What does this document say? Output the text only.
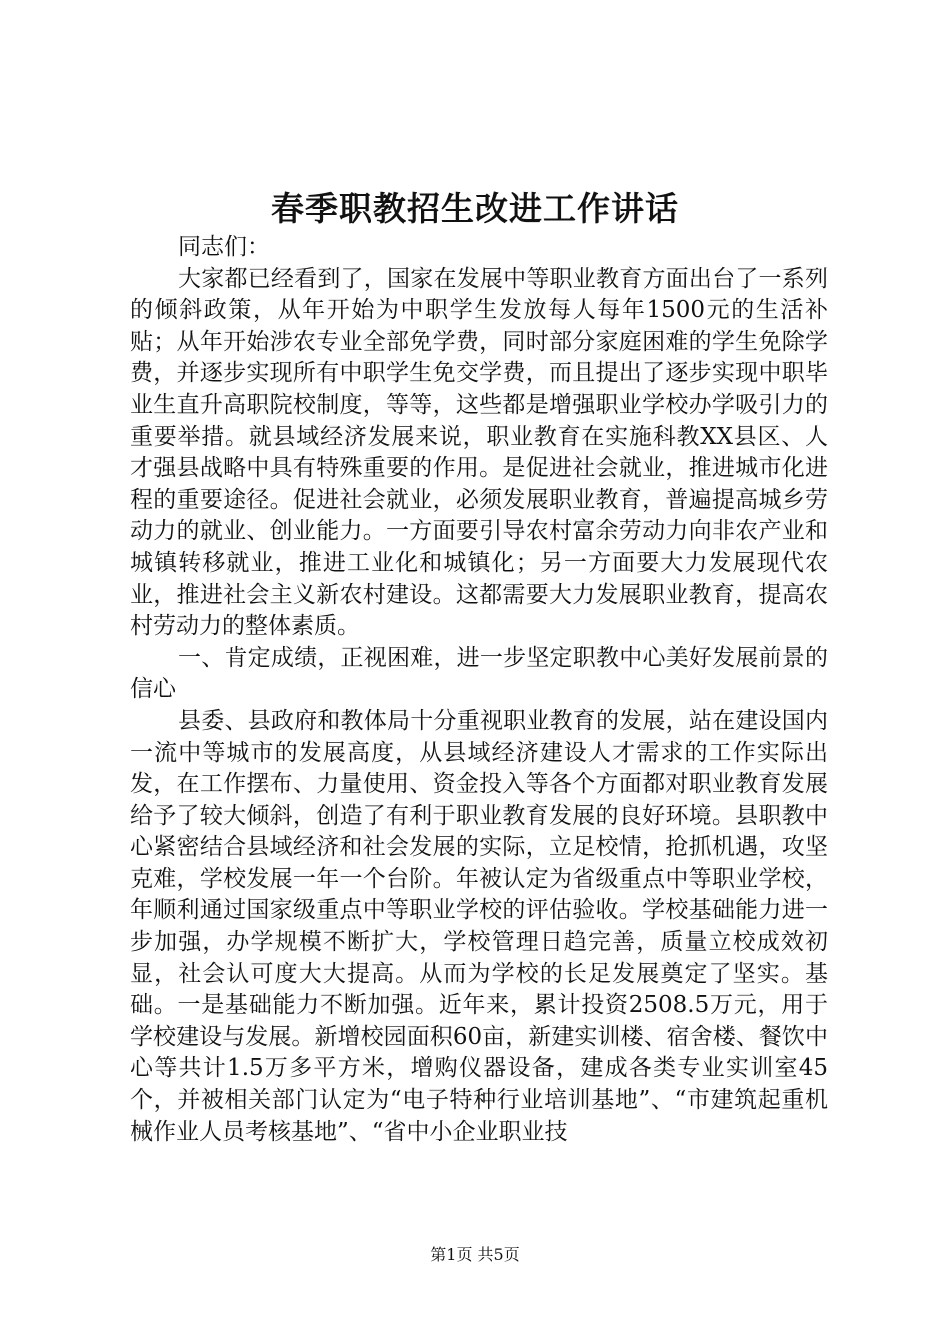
春季职教招生改进工作讲话

同志们：

大家都已经看到了，国家在发展中等职业教育方面出台了一系列的倾斜政策，从年开始为中职学生发放每人每年1500元的生活补贴；从年开始涉农专业全部免学费，同时部分家庭困难的学生免除学费，并逐步实现所有中职学生免交学费，而且提出了逐步实现中职毕业生直升高职院校制度，等等，这些都是增强职业学校办学吸引力的重要举措。就县域经济发展来说，职业教育在实施科教XX县区、人才强县战略中具有特殊重要的作用。是促进社会就业，推进城市化进程的重要途径。促进社会就业，必须发展职业教育，普遍提高城乡劳动力的就业、创业能力。一方面要引导农村富余劳动力向非农产业和城镇转移就业，推进工业化和城镇化；另一方面要大力发展现代农业，推进社会主义新农村建设。这都需要大力发展职业教育，提高农村劳动力的整体素质。

一、肯定成绩，正视困难，进一步坚定职教中心美好发展前景的信心

县委、县政府和教体局十分重视职业教育的发展，站在建设国内一流中等城市的发展高度，从县域经济建设人才需求的工作实际出发，在工作摆布、力量使用、资金投入等各个方面都对职业教育发展给予了较大倾斜，创造了有利于职业教育发展的良好环境。县职教中心紧密结合县域经济和社会发展的实际，立足校情，抢抓机遇，攻坚克难，学校发展一年一个台阶。年被认定为省级重点中等职业学校，年顺利通过国家级重点中等职业学校的评估验收。学校基础能力进一步加强，办学规模不断扩大，学校管理日趋完善，质量立校成效初显，社会认可度大大提高。从而为学校的长足发展奠定了坚实。基础。一是基础能力不断加强。近年来，累计投资2508.5万元，用于学校建设与发展。新增校园面积60亩，新建实训楼、宿舍楼、餐饮中心等共计1.5万多平方米，增购仪器设备，建成各类专业实训室45个，并被相关部门认定为“电子特种行业培训基地”、“市建筑起重机械作业人员考核基地”、“省中小企业职业技

第1页 共5页
